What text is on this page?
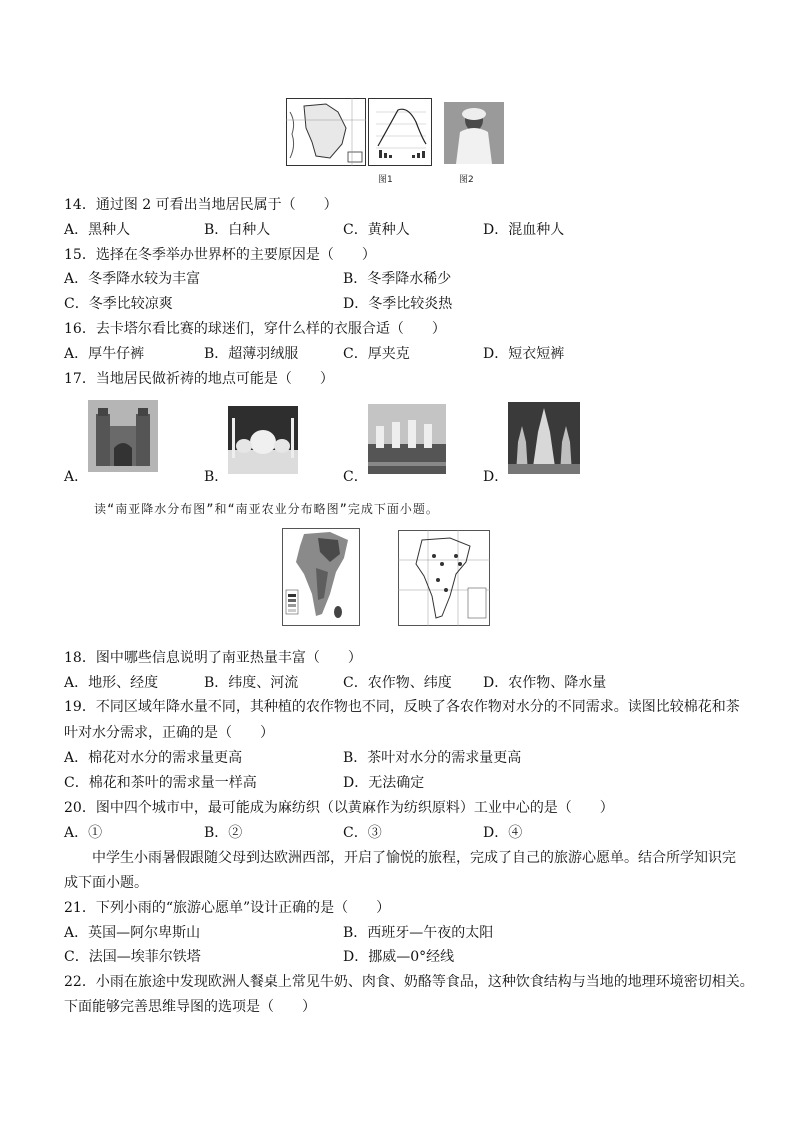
图1	图2
14．通过图 2 可看出当地居民属于（　　）
A．黑种人	B．白种人	C．黄种人	D．混血种人
15．选择在冬季举办世界杯的主要原因是（　　）
A．冬季降水较为丰富	B．冬季降水稀少
C．冬季比较凉爽	D．冬季比较炎热
16．去卡塔尔看比赛的球迷们，穿什么样的衣服合适（　　）
A．厚牛仔裤	B．超薄羽绒服	C．厚夹克	D．短衣短裤
17．当地居民做祈祷的地点可能是（　　）
A．	B．	C．	D．
读“南亚降水分布图”和“南亚农业分布略图”完成下面小题。
18．图中哪些信息说明了南亚热量丰富（　　）
A．地形、经度	B．纬度、河流	C．农作物、纬度 D．农作物、降水量
19．不同区域年降水量不同，其种植的农作物也不同，反映了各农作物对水分的不同需求。读图比较棉花和茶
叶对水分需求，正确的是（　　）
A．棉花对水分的需求量更高	B．茶叶对水分的需求量更高
C．棉花和茶叶的需求量一样高	D．无法确定
20．图中四个城市中，最可能成为麻纺织（以黄麻作为纺织原料）工业中心的是（　　）
A．①	B．②	C．③	D．④
中学生小雨暑假跟随父母到达欧洲西部，开启了愉悦的旅程，完成了自己的旅游心愿单。结合所学知识完
成下面小题。
21．下列小雨的“旅游心愿单”设计正确的是（　　）
A．英国—阿尔卑斯山	B．西班牙—午夜的太阳
C．法国—埃菲尔铁塔	D．挪威—0°经线
22．小雨在旅途中发现欧洲人餐桌上常见牛奶、肉食、奶酪等食品，这种饮食结构与当地的地理环境密切相关。
下面能够完善思维导图的选项是（　　）
